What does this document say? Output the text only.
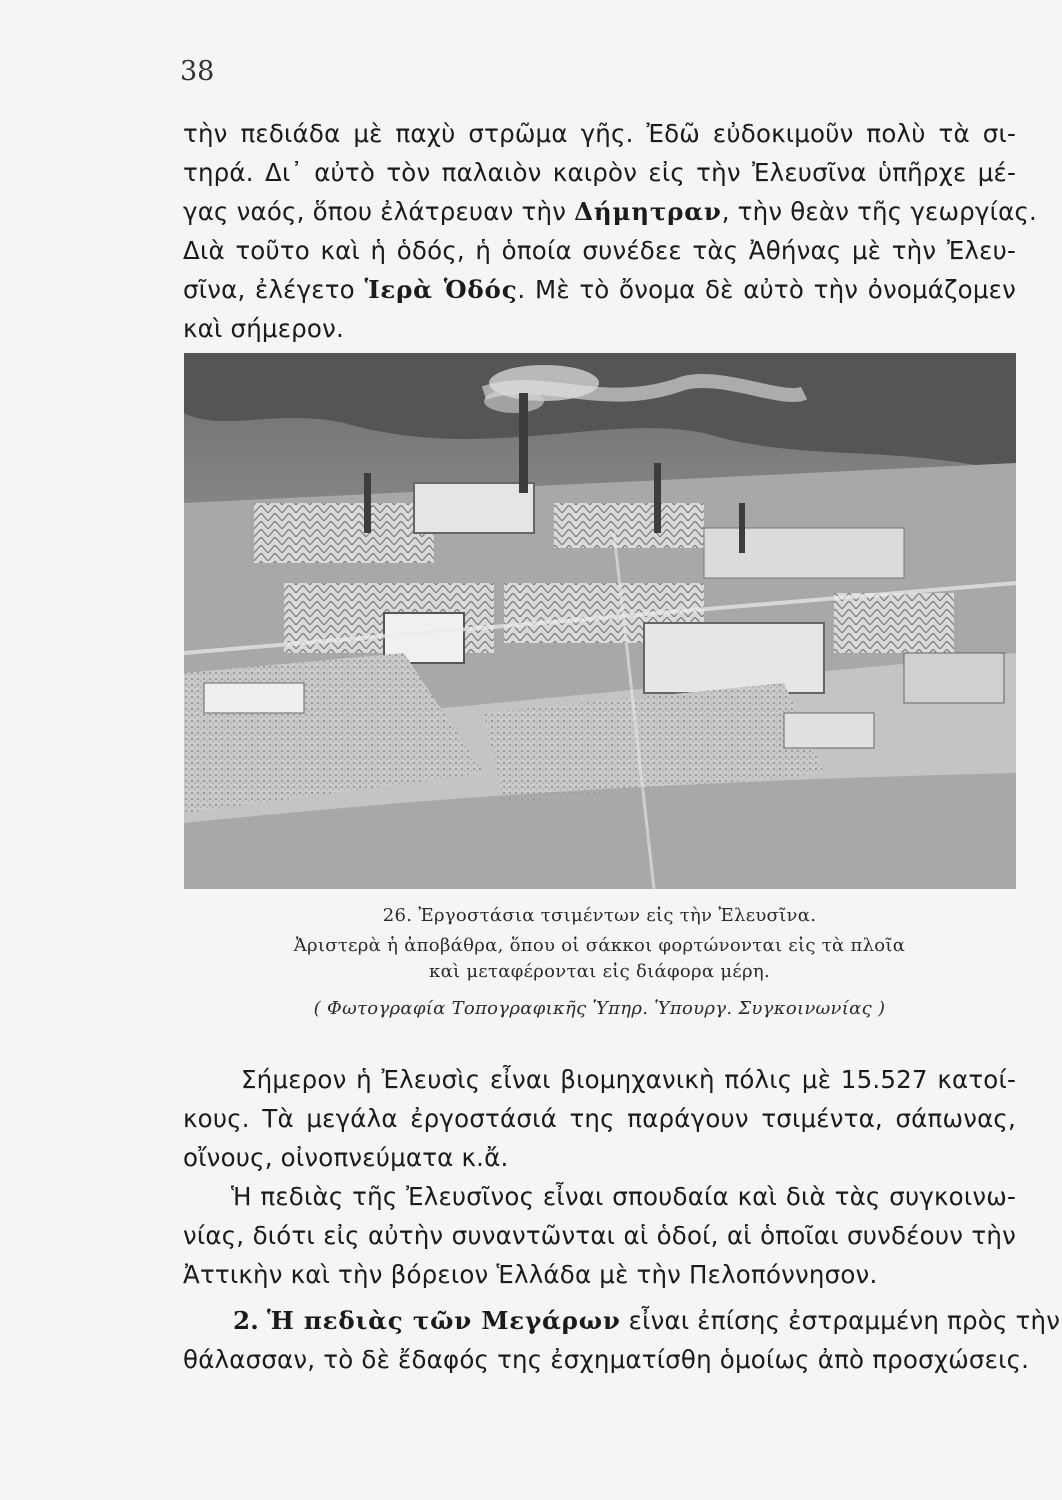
38
τὴν πεδιάδα μὲ παχὺ στρῶμα γῆς. Ἐδῶ εὐδοκιμοῦν πολὺ τὰ σι-
τηρά. Δι᾽ αὐτὸ τὸν παλαιὸν καιρὸν εἰς τὴν Ἐλευσῖνα ὑπῆρχε μέ-
γας ναός, ὅπου ἐλάτρευαν τὴν Δήμητραν, τὴν θεὰν τῆς γεωργίας.
Διὰ τοῦτο καὶ ἡ ὁδός, ἡ ὁποία συνέδεε τὰς Ἀθήνας μὲ τὴν Ἐλευ-
σῖνα, ἐλέγετο Ἱερὰ Ὁδός. Μὲ τὸ ὄνομα δὲ αὐτὸ τὴν ὀνομάζομεν
καὶ σήμερον.
26. Ἐργοστάσια τσιμέντων εἰς τὴν Ἐλευσῖνα.
Ἀριστερὰ ἡ ἀποβάθρα, ὅπου οἱ σάκκοι φορτώνονται εἰς τὰ πλοῖα
καὶ μεταφέρονται εἰς διάφορα μέρη.
( Φωτογραφία Τοπογραφικῆς Ὑπηρ. Ὑπουργ. Συγκοινωνίας )
Σήμερον ἡ Ἐλευσὶς εἶναι βιομηχανικὴ πόλις μὲ 15.527 κατοί-
κους. Τὰ μεγάλα ἐργοστάσιά της παράγουν τσιμέντα, σάπωνας,
οἴνους, οἰνοπνεύματα κ.ἄ.
Ἡ πεδιὰς τῆς Ἐλευσῖνος εἶναι σπουδαία καὶ διὰ τὰς συγκοινω-
νίας, διότι εἰς αὐτὴν συναντῶνται αἱ ὁδοί, αἱ ὁποῖαι συνδέουν τὴν
Ἀττικὴν καὶ τὴν βόρειον Ἑλλάδα μὲ τὴν Πελοπόννησον.
2. Ἡ πεδιὰς τῶν Μεγάρων εἶναι ἐπίσης ἐστραμμένη πρὸς τὴν
θάλασσαν, τὸ δὲ ἔδαφός της ἐσχηματίσθη ὁμοίως ἀπὸ προσχώσεις.
